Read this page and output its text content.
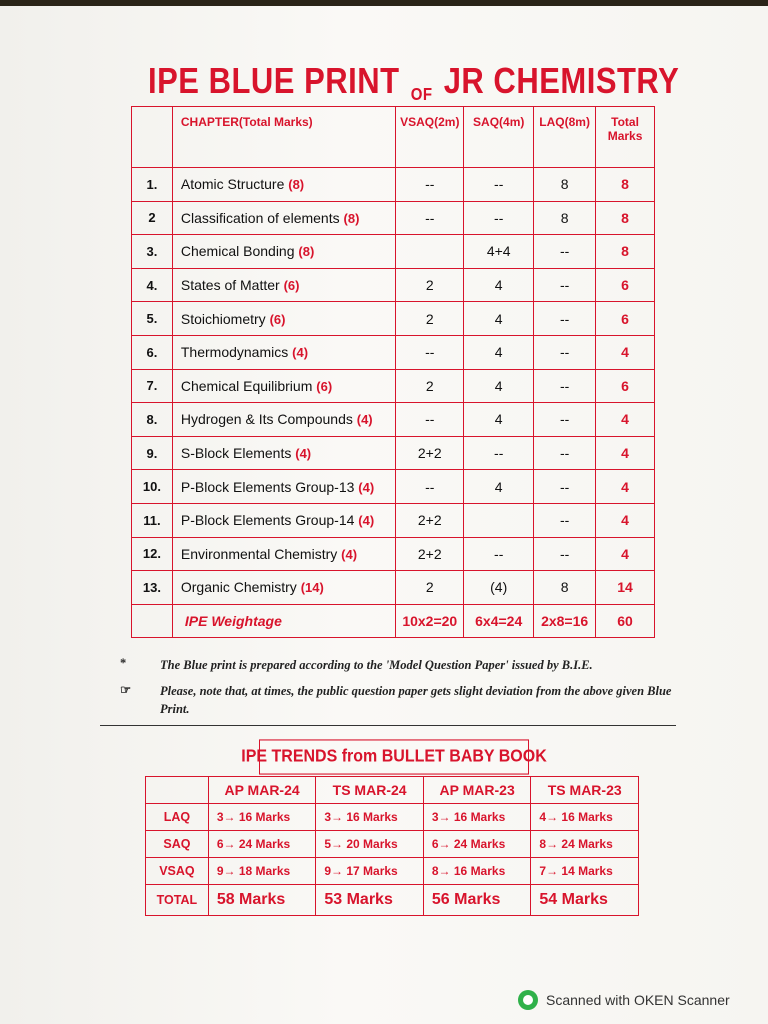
IPE BLUE PRINT OF JR CHEMISTRY
	CHAPTER(Total Marks)	VSAQ(2m)	SAQ(4m)	LAQ(8m)	Total Marks
1.	Atomic Structure (8)	--	--	8	8
2	Classification of elements (8)	--	--	8	8
3.	Chemical Bonding (8)		4+4	--	8
4.	States of Matter (6)	2	4	--	6
5.	Stoichiometry (6)	2	4	--	6
6.	Thermodynamics (4)	--	4	--	4
7.	Chemical Equilibrium (6)	2	4	--	6
8.	Hydrogen & Its Compounds (4)	--	4	--	4
9.	S-Block Elements (4)	2+2	--	--	4
10.	P-Block Elements Group-13 (4)	--	4	--	4
11.	P-Block Elements Group-14 (4)	2+2		--	4
12.	Environmental Chemistry (4)	2+2	--	--	4
13.	Organic Chemistry (14)	2	(4)	8	14
	IPE Weightage	10x2=20	6x4=24	2x8=16	60
*	The Blue print is prepared according to the 'Model Question Paper' issued by B.I.E.
☞ Please, note that, at times, the public question paper gets slight deviation from the above given Blue Print.
IPE TRENDS from BULLET BABY BOOK
	AP MAR-24	TS MAR-24	AP MAR-23	TS MAR-23
LAQ	3→ 16 Marks	3→ 16 Marks	3→ 16 Marks	4→ 16 Marks
SAQ	6→ 24 Marks	5→ 20 Marks	6→ 24 Marks	8→ 24 Marks
VSAQ	9→ 18 Marks	9→ 17 Marks	8→ 16 Marks	7→ 14 Marks
TOTAL	58 Marks	53 Marks	56 Marks	54 Marks
Scanned with OKEN Scanner
